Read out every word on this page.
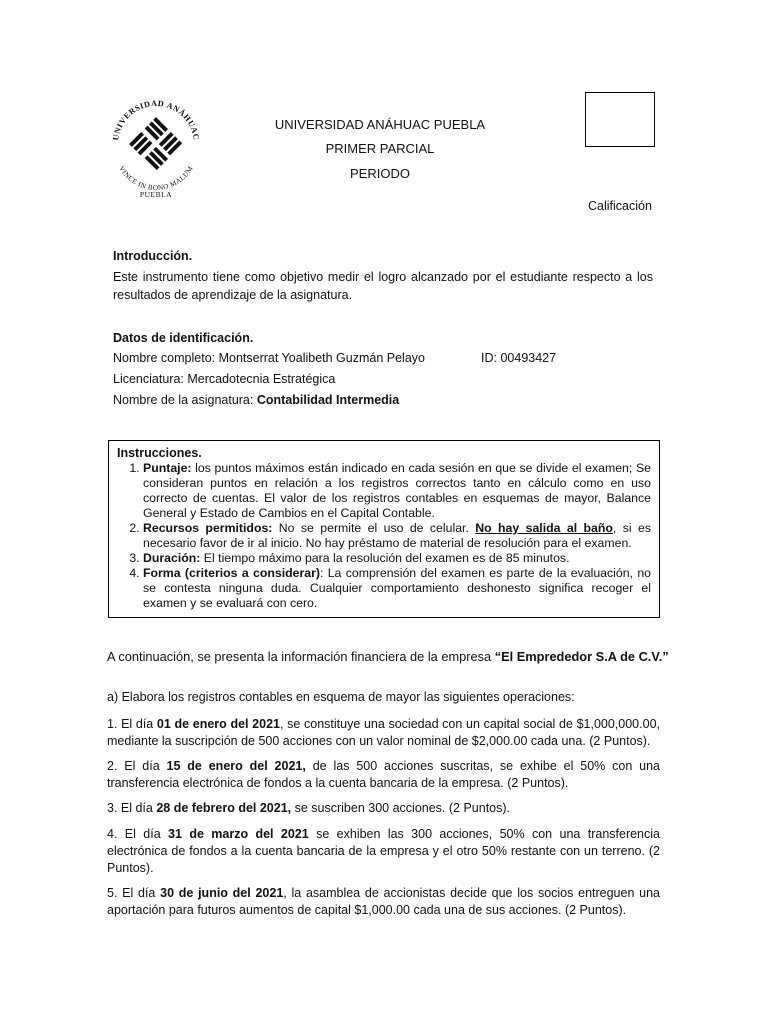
UNIVERSIDAD ANÁHUAC
VINCE IN BONO MALUM
PUEBLA
UNIVERSIDAD ANÁHUAC PUEBLA
PRIMER PARCIAL
PERIODO
Calificación
Introducción.
Este instrumento tiene como objetivo medir el logro alcanzado por el estudiante respecto a los resultados de aprendizaje de la asignatura.
Datos de identificación.
Nombre completo: Montserrat Yoalibeth Guzmán Pelayo	ID: 00493427
Licenciatura: Mercadotecnia Estratégica
Nombre de la asignatura: Contabilidad Intermedia
Instrucciones.
1. Puntaje: los puntos máximos están indicado en cada sesión en que se divide el examen; Se consideran puntos en relación a los registros correctos tanto en cálculo como en uso correcto de cuentas. El valor de los registros contables en esquemas de mayor, Balance General y Estado de Cambios en el Capital Contable.
2. Recursos permitidos: No se permite el uso de celular. No hay salida al baño, si es necesario favor de ir al inicio. No hay préstamo de material de resolución para el examen.
3. Duración: El tiempo máximo para la resolución del examen es de 85 minutos.
4. Forma (criterios a considerar): La comprensión del examen es parte de la evaluación, no se contesta ninguna duda. Cualquier comportamiento deshonesto significa recoger el examen y se evaluará con cero.
A continuación, se presenta la información financiera de la empresa “El Emprededor S.A de C.V.”
a) Elabora los registros contables en esquema de mayor las siguientes operaciones:
1. El día 01 de enero del 2021, se constituye una sociedad con un capital social de $1,000,000.00, mediante la suscripción de 500 acciones con un valor nominal de $2,000.00 cada una. (2 Puntos).
2. El día 15 de enero del 2021, de las 500 acciones suscritas, se exhibe el 50% con una transferencia electrónica de fondos a la cuenta bancaria de la empresa. (2 Puntos).
3. El día 28 de febrero del 2021, se suscriben 300 acciones. (2 Puntos).
4. El día 31 de marzo del 2021 se exhiben las 300 acciones, 50% con una transferencia electrónica de fondos a la cuenta bancaria de la empresa y el otro 50% restante con un terreno. (2 Puntos).
5. El día 30 de junio del 2021, la asamblea de accionistas decide que los socios entreguen una aportación para futuros aumentos de capital $1,000.00 cada una de sus acciones. (2 Puntos).
